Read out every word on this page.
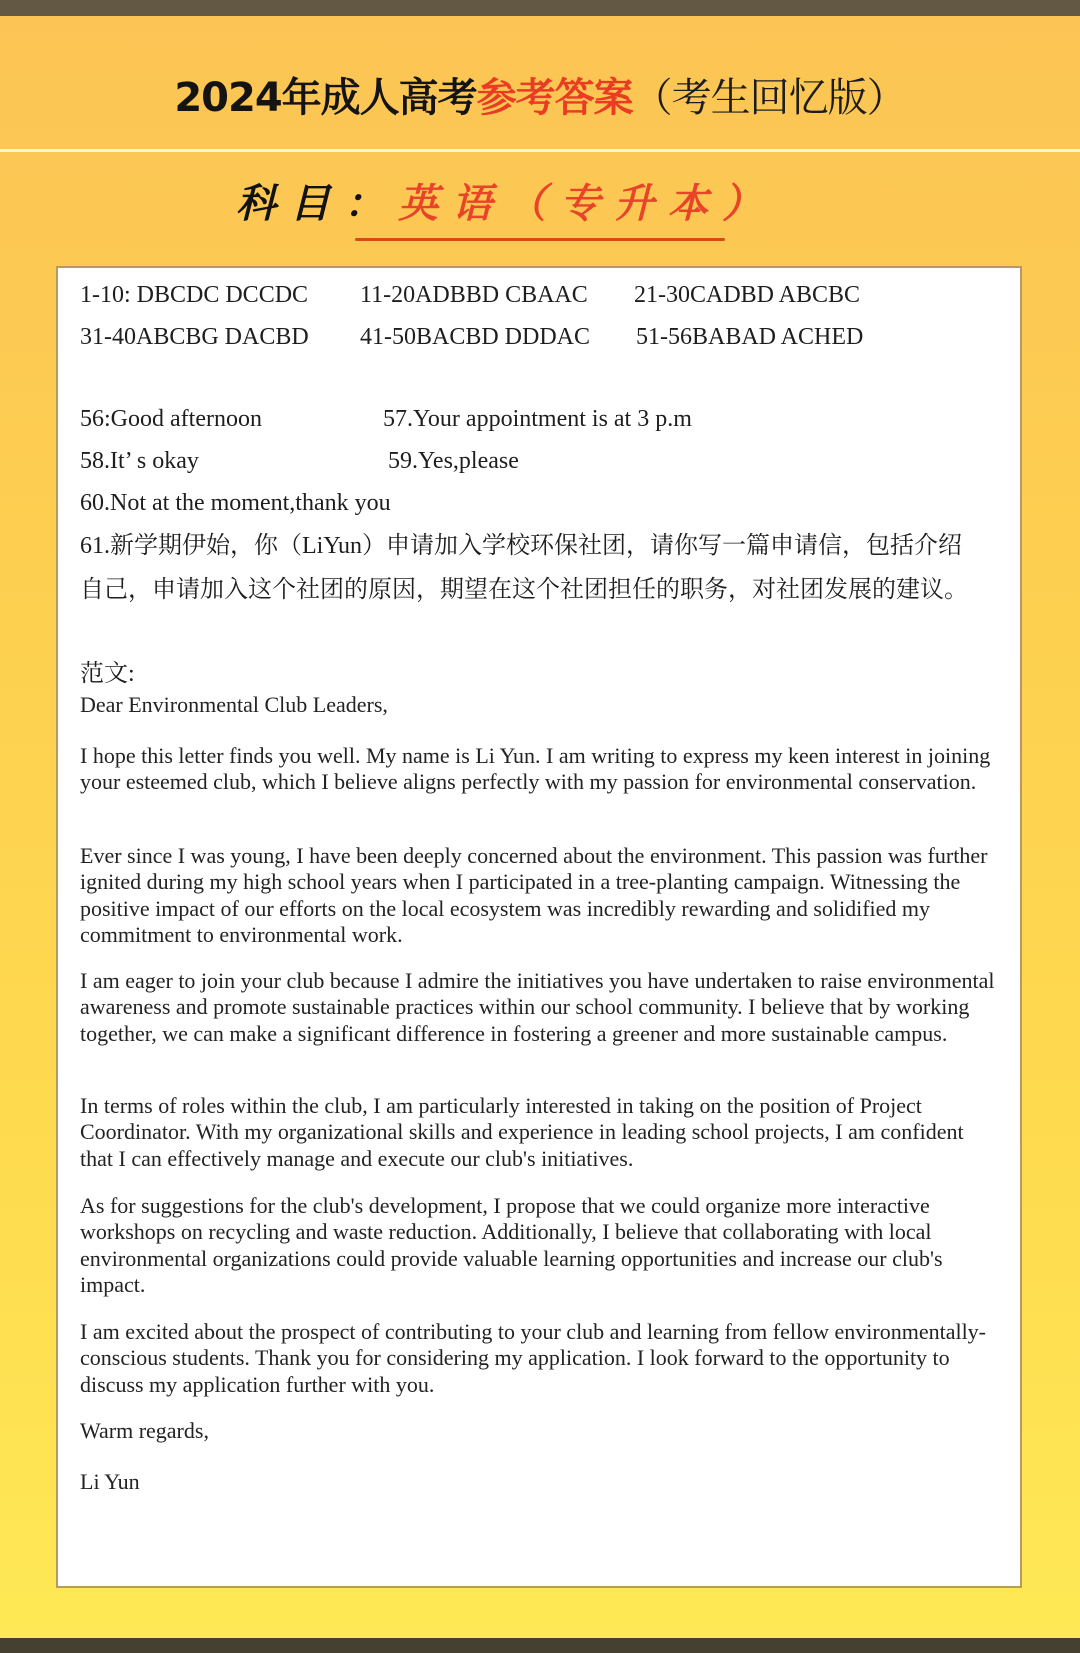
2024年成人高考参考答案（考生回忆版）
科目：英语（专升本）
1-10: DBCDC DCCDC 11-20ADBBD CBAAC 21-30CADBD ABCBC
31-40ABCBG DACBD 41-50BACBD DDDAC 51-56BABAD ACHED
56:Good afternoon	57.Your appointment is at 3 p.m
58.It’ s okay	59.Yes,please
60.Not at the moment,thank you
61.新学期伊始，你（LiYun）申请加入学校环保社团，请你写一篇申请信，包括介绍自己，申请加入这个社团的原因，期望在这个社团担任的职务，对社团发展的建议。
范文:

Dear Environmental Club Leaders,

I hope this letter finds you well. My name is Li Yun. I am writing to express my keen interest in joining your esteemed club, which I believe aligns perfectly with my passion for environmental conservation.

Ever since I was young, I have been deeply concerned about the environment. This passion was further ignited during my high school years when I participated in a tree-planting campaign. Witnessing the positive impact of our efforts on the local ecosystem was incredibly rewarding and solidified my commitment to environmental work.

I am eager to join your club because I admire the initiatives you have undertaken to raise environmental awareness and promote sustainable practices within our school community. I believe that by working together, we can make a significant difference in fostering a greener and more sustainable campus.

In terms of roles within the club, I am particularly interested in taking on the position of Project Coordinator. With my organizational skills and experience in leading school projects, I am confident that I can effectively manage and execute our club's initiatives.

As for suggestions for the club's development, I propose that we could organize more interactive workshops on recycling and waste reduction. Additionally, I believe that collaborating with local environmental organizations could provide valuable learning opportunities and increase our club's impact.

I am excited about the prospect of contributing to your club and learning from fellow environmentally-conscious students. Thank you for considering my application. I look forward to the opportunity to discuss my application further with you.

Warm regards,

Li Yun
